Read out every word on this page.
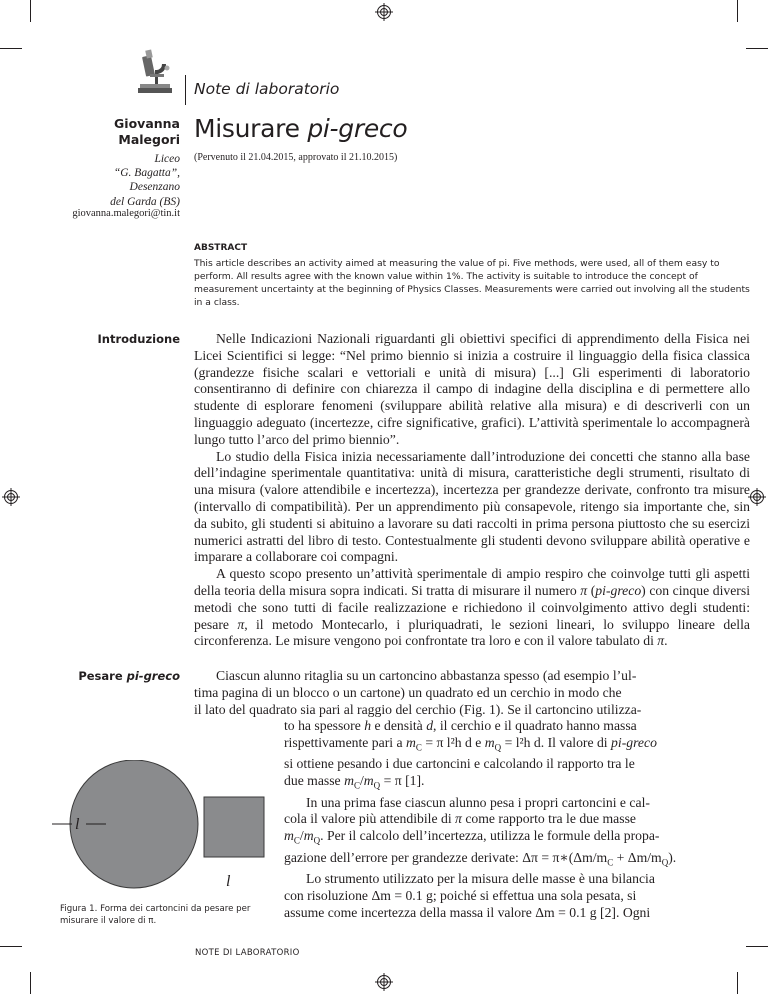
Note di laboratorio
Giovanna
Malegori
Liceo
“G. Bagatta”,
Desenzano
del Garda (BS)
giovanna.malegori@tin.it
Misurare pi-greco
(Pervenuto il 21.04.2015, approvato il 21.10.2015)
ABSTRACT
This article describes an activity aimed at measuring the value of pi. Five methods, were used, all of them easy to perform. All results agree with the known value within 1%. The activity is suitable to introduce the concept of measurement uncertainty at the beginning of Physics Classes. Measurements were carried out involving all the students in a class.
Introduzione	Nelle Indicazioni Nazionali riguardanti gli obiettivi specifici di apprendimento della Fisica nei Licei Scientifici si legge: “Nel primo biennio si inizia a costruire il linguaggio della fisica classica (grandezze fisiche scalari e vettoriali e unità di misura) [...] Gli esperimenti di laboratorio consentiranno di definire con chiarezza il campo di indagine della disciplina e di permettere allo studente di esplorare fenomeni (sviluppare abilità relative alla misura) e di descriverli con un linguaggio adeguato (incertezze, cifre significative, grafici). L’attività sperimentale lo accompagnerà lungo tutto l’arco del primo biennio”.

Lo studio della Fisica inizia necessariamente dall’introduzione dei concetti che stanno alla base dell’indagine sperimentale quantitativa: unità di misura, caratteristiche degli strumenti, risultato di una misura (valore attendibile e incertezza), incertezza per grandezze derivate, confronto tra misure (intervallo di compatibilità). Per un apprendimento più consapevole, ritengo sia importante che, sin da subito, gli studenti si abituino a lavorare su dati raccolti in prima persona piuttosto che su esercizi numerici astratti del libro di testo. Contestualmente gli studenti devono sviluppare abilità operative e imparare a collaborare coi compagni.

A questo scopo presento un’attività sperimentale di ampio respiro che coinvolge tutti gli aspetti della teoria della misura sopra indicati. Si tratta di misurare il numero π (pi-greco) con cinque diversi metodi che sono tutti di facile realizzazione e richiedono il coinvolgimento attivo degli studenti: pesare π, il metodo Montecarlo, i pluriquadrati, le sezioni lineari, lo sviluppo lineare della circonferenza. Le misure vengono poi confrontate tra loro e con il valore tabulato di π.

Pesare pi-greco	Ciascun alunno ritaglia su un cartoncino abbastanza spesso (ad esempio l’ul-
tima pagina di un blocco o un cartone) un quadrato ed un cerchio in modo che
il lato del quadrato sia pari al raggio del cerchio (Fig. 1). Se il cartoncino utilizza-
to ha spessore h e densità d, il cerchio e il quadrato hanno massa
rispettivamente pari a $m_C = \pi$ l²h d e $m_Q = l^2h$ d. Il valore di pi-greco
si ottiene pesando i due cartoncini e calcolando il rapporto tra le
due masse $m_C/m_Q = \pi$ [1].
In una prima fase ciascun alunno pesa i propri cartoncini e cal-
cola il valore più attendibile di π come rapporto tra le due masse
$m_C/m_Q$. Per il calcolo dell’incertezza, utilizza le formule della propa-
gazione dell’errore per grandezze derivate: $\Delta\pi = \pi∗(\Delta m/m_C + \Delta m/m_Q)$.
Lo strumento utilizzato per la misura delle masse è una bilancia
con risoluzione Δm = 0.1 g; poiché si effettua una sola pesata, si
assume come incertezza della massa il valore Δm = 0.1 g [2]. Ogni
l
l
Figura 1. Forma dei cartoncini da pesare per misurare il valore di π.
NOTE DI LABORATORIO
